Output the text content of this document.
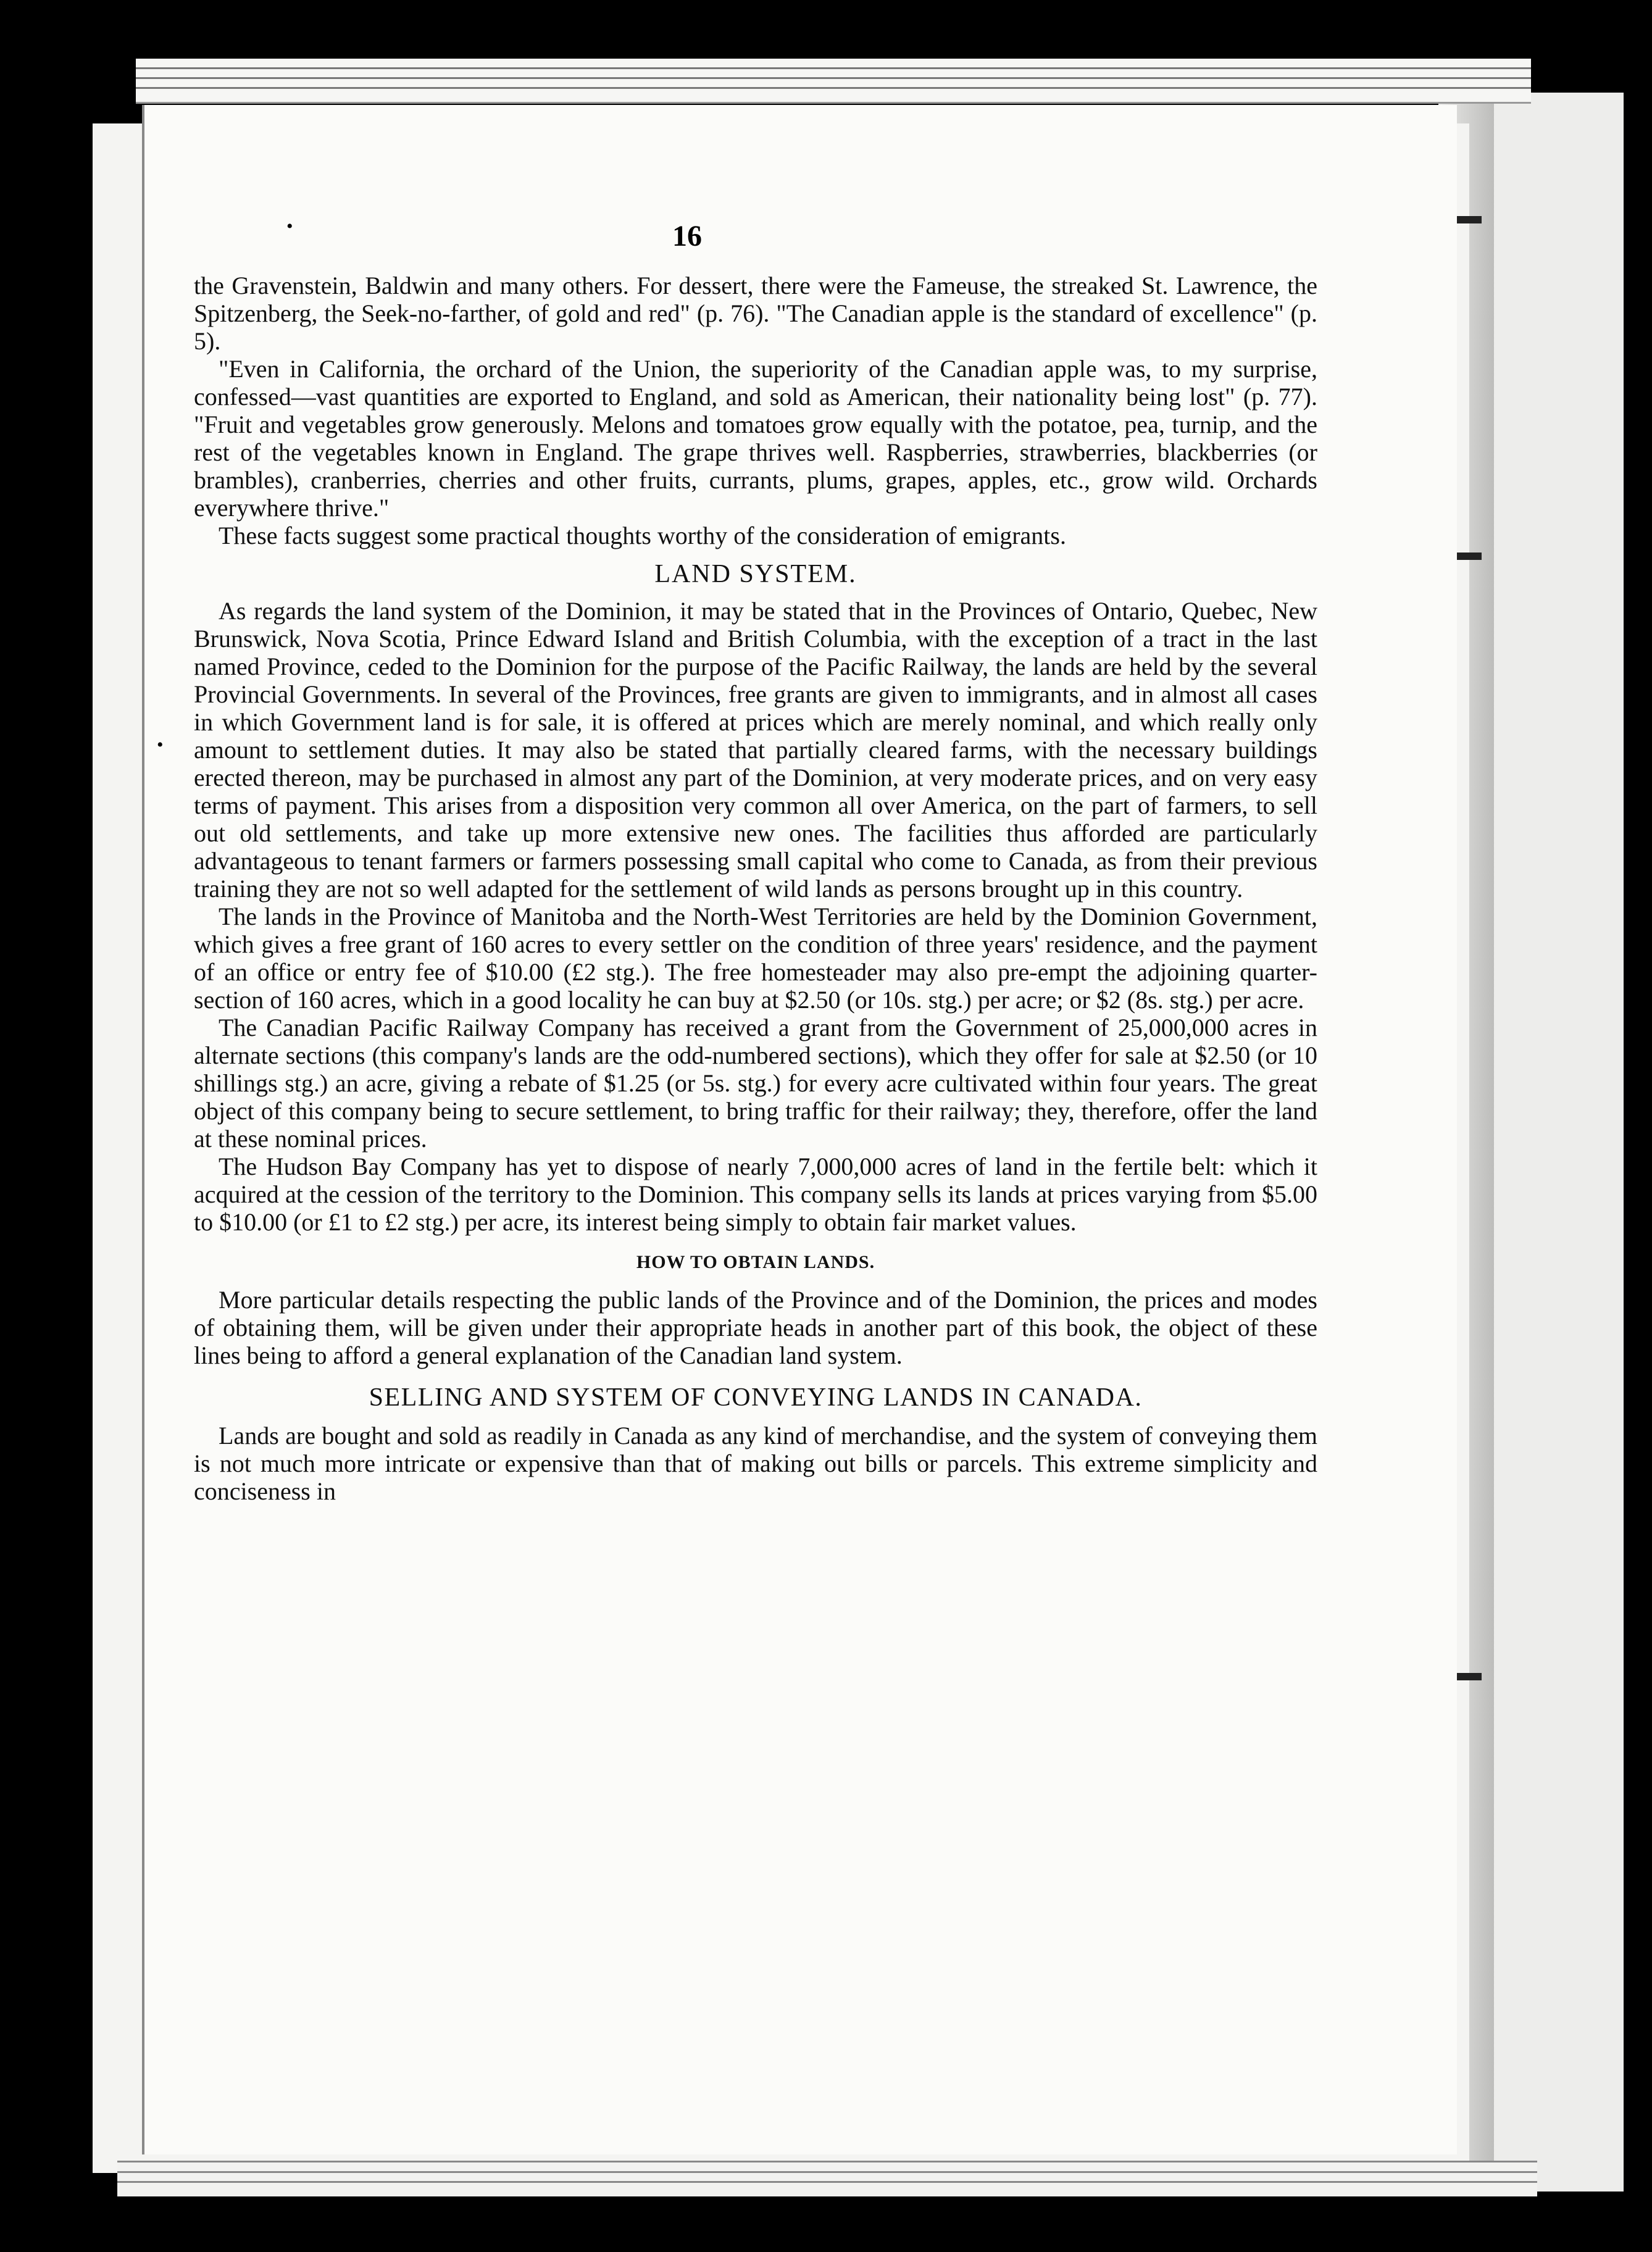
•
•
16

the Gravenstein, Baldwin and many others. For dessert, there were the Fameuse, the streaked St. Lawrence, the Spitzenberg, the Seek-no-farther, of gold and red" (p. 76). "The Canadian apple is the standard of excellence" (p. 5).

"Even in California, the orchard of the Union, the superiority of the Canadian apple was, to my surprise, confessed—vast quantities are exported to England, and sold as American, their nationality being lost" (p. 77). "Fruit and vegetables grow generously. Melons and tomatoes grow equally with the potatoe, pea, turnip, and the rest of the vegetables known in England. The grape thrives well. Raspberries, strawberries, blackberries (or brambles), cranberries, cherries and other fruits, currants, plums, grapes, apples, etc., grow wild. Orchards everywhere thrive."

These facts suggest some practical thoughts worthy of the consideration of emigrants.

LAND SYSTEM.

As regards the land system of the Dominion, it may be stated that in the Provinces of Ontario, Quebec, New Brunswick, Nova Scotia, Prince Edward Island and British Columbia, with the exception of a tract in the last named Province, ceded to the Dominion for the purpose of the Pacific Railway, the lands are held by the several Provincial Governments. In several of the Provinces, free grants are given to immigrants, and in almost all cases in which Government land is for sale, it is offered at prices which are merely nominal, and which really only amount to settlement duties. It may also be stated that partially cleared farms, with the necessary buildings erected thereon, may be purchased in almost any part of the Dominion, at very moderate prices, and on very easy terms of payment. This arises from a disposition very common all over America, on the part of farmers, to sell out old settlements, and take up more extensive new ones. The facilities thus afforded are particularly advantageous to tenant farmers or farmers possessing small capital who come to Canada, as from their previous training they are not so well adapted for the settlement of wild lands as persons brought up in this country.

The lands in the Province of Manitoba and the North-West Territories are held by the Dominion Government, which gives a free grant of 160 acres to every settler on the condition of three years' residence, and the payment of an office or entry fee of $10.00 (£2 stg.). The free homesteader may also pre-empt the adjoining quarter-section of 160 acres, which in a good locality he can buy at $2.50 (or 10s. stg.) per acre; or $2 (8s. stg.) per acre.

The Canadian Pacific Railway Company has received a grant from the Government of 25,000,000 acres in alternate sections (this company's lands are the odd-numbered sections), which they offer for sale at $2.50 (or 10 shillings stg.) an acre, giving a rebate of $1.25 (or 5s. stg.) for every acre cultivated within four years. The great object of this company being to secure settlement, to bring traffic for their railway; they, therefore, offer the land at these nominal prices.

The Hudson Bay Company has yet to dispose of nearly 7,000,000 acres of land in the fertile belt: which it acquired at the cession of the territory to the Dominion. This company sells its lands at prices varying from $5.00 to $10.00 (or £1 to £2 stg.) per acre, its interest being simply to obtain fair market values.

HOW TO OBTAIN LANDS.

More particular details respecting the public lands of the Province and of the Dominion, the prices and modes of obtaining them, will be given under their appropriate heads in another part of this book, the object of these lines being to afford a general explanation of the Canadian land system.

SELLING AND SYSTEM OF CONVEYING LANDS IN CANADA.

Lands are bought and sold as readily in Canada as any kind of merchandise, and the system of conveying them is not much more intricate or expensive than that of making out bills or parcels. This extreme simplicity and conciseness in
